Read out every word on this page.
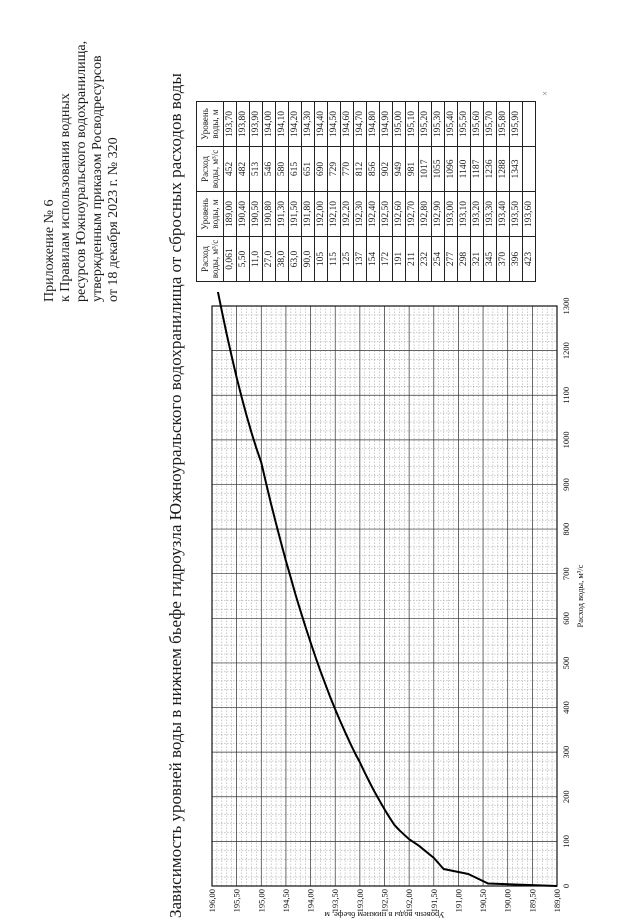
Приложение № 6 к Правилам использования водных ресурсов Южноуральского водохранилища, утвержденным приказом Росводресурсов от 18 декабря 2023 г. № 320	Зависимость уровней воды в нижнем бьефе гидроузла Южноуральского водохранилища от сбросных расходов воды	189,00
189,50
190,00
190,50
191,00
191,50
192,00
192,50
193,00
193,50
194,00
194,50
195,00
195,50
196,00
0
100
200
300
400
500
600
700
800
900
1000
1100
1200
1300
Расход воды, м³/с
Уровень воды в нижнем бьефе, м
Расход воды, м³/с	Уровень воды, м	Расход воды, м³/с	Уровень воды, м
0,061	189,00	452	193,70
5,50	190,40	482	193,80
11,0	190,50	513	193,90
27,0	190,80	546	194,00
38,0	191,30	580	194,10
63,0	191,50	615	194,20
90,0	191,80	651	194,30
105	192,00	690	194,40
115	192,10	729	194,50
125	192,20	770	194,60
137	192,30	812	194,70
154	192,40	856	194,80
172	192,50	902	194,90
191	192,60	949	195,00
211	192,70	981	195,10
232	192,80	1017	195,20
254	192,90	1055	195,30
277	193,00	1096	195,40
298	193,10	1140	195,50
321	193,20	1187	195,60
345	193,30	1236	195,70
370	193,40	1288	195,80
396	193,50	1343	195,90
423	193,60		
×
